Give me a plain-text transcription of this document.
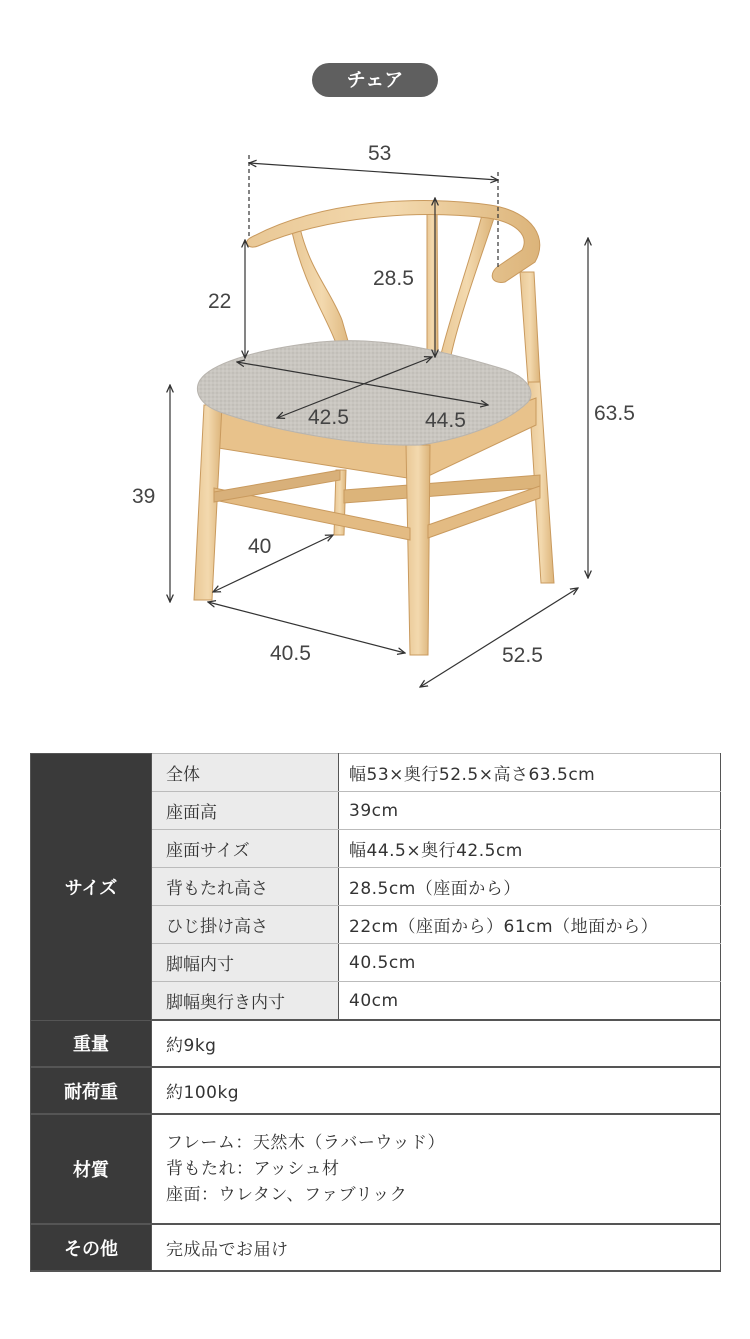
チェア
53
28.5
22
42.5	44.5	63.5
39
40
40.5	52.5
サイズ	全体	幅53×奥行52.5×高さ63.5cm
	座面高	39cm
	座面サイズ	幅44.5×奥行42.5cm
	背もたれ高さ	28.5cm（座面から）
	ひじ掛け高さ	22cm（座面から）61cm（地面から）
	脚幅内寸	40.5cm
	脚幅奥行き内寸	40cm
重量	約9kg	
耐荷重	約100kg	
材質	フレーム：天然木（ラバーウッド）
背もたれ：アッシュ材
座面：ウレタン、ファブリック	

その他	完成品でお届け	
